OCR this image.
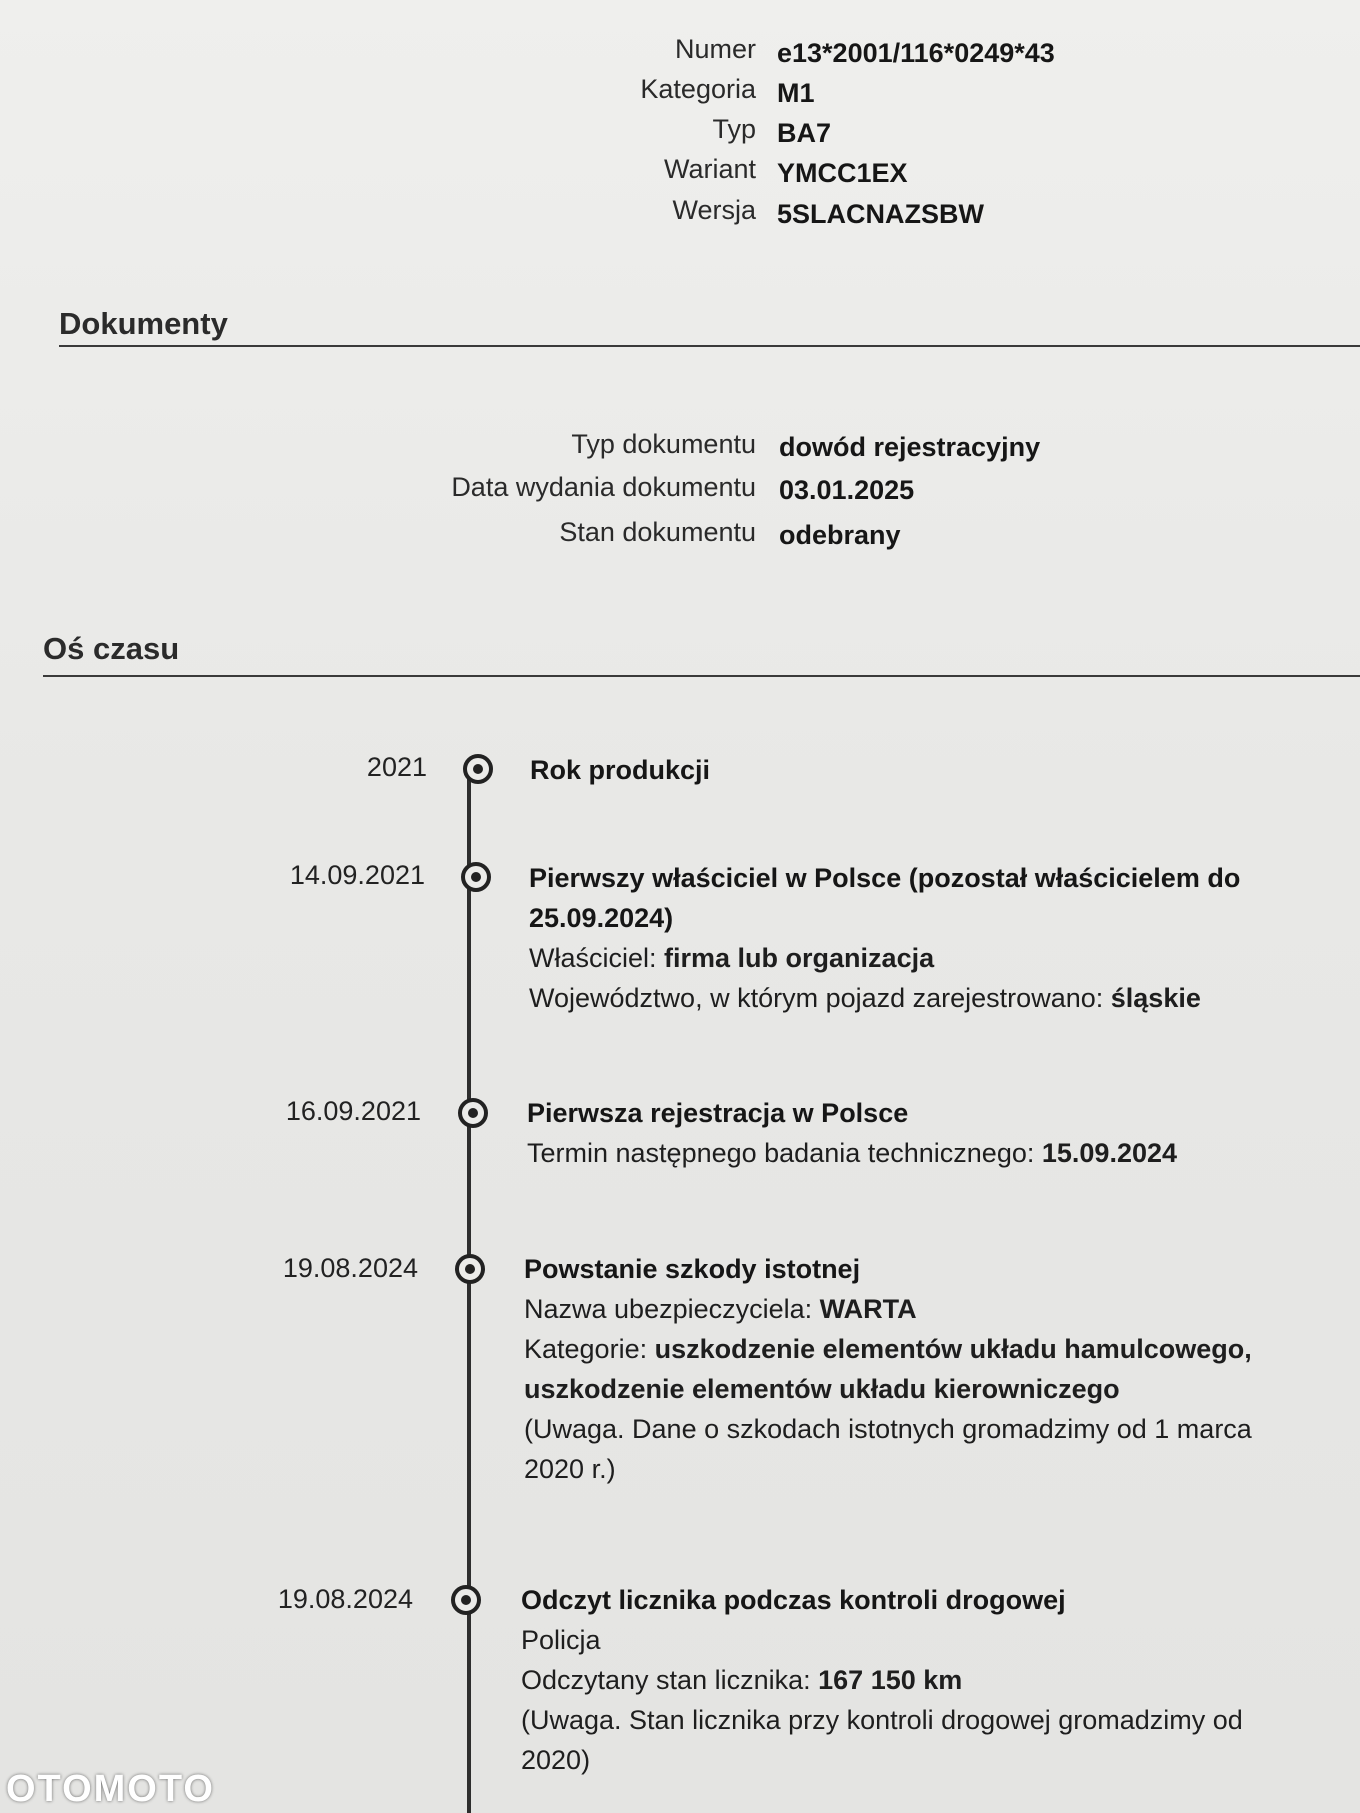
Numer e13*2001/116*0249*43
Kategoria M1
Typ BA7
Wariant YMCC1EX
Wersja 5SLACNAZSBW
Dokumenty
Typ dokumentu dowód rejestracyjny
Data wydania dokumentu 03.01.2025
Stan dokumentu odebrany
Oś czasu
2021	Rok produkcji
14.09.2021	Pierwszy właściciel w Polsce (pozostał właścicielem do
25.09.2024)
Właściciel: firma lub organizacja
Województwo, w którym pojazd zarejestrowano: śląskie
16.09.2021	Pierwsza rejestracja w Polsce
Termin następnego badania technicznego: 15.09.2024
19.08.2024	Powstanie szkody istotnej
Nazwa ubezpieczyciela: WARTA
Kategorie: uszkodzenie elementów układu hamulcowego,
uszkodzenie elementów układu kierowniczego
(Uwaga. Dane o szkodach istotnych gromadzimy od 1 marca
2020 r.)
19.08.2024	Odczyt licznika podczas kontroli drogowej
Policja
Odczytany stan licznika: 167 150 km
(Uwaga. Stan licznika przy kontroli drogowej gromadzimy od
2020)
OTOMOTO
